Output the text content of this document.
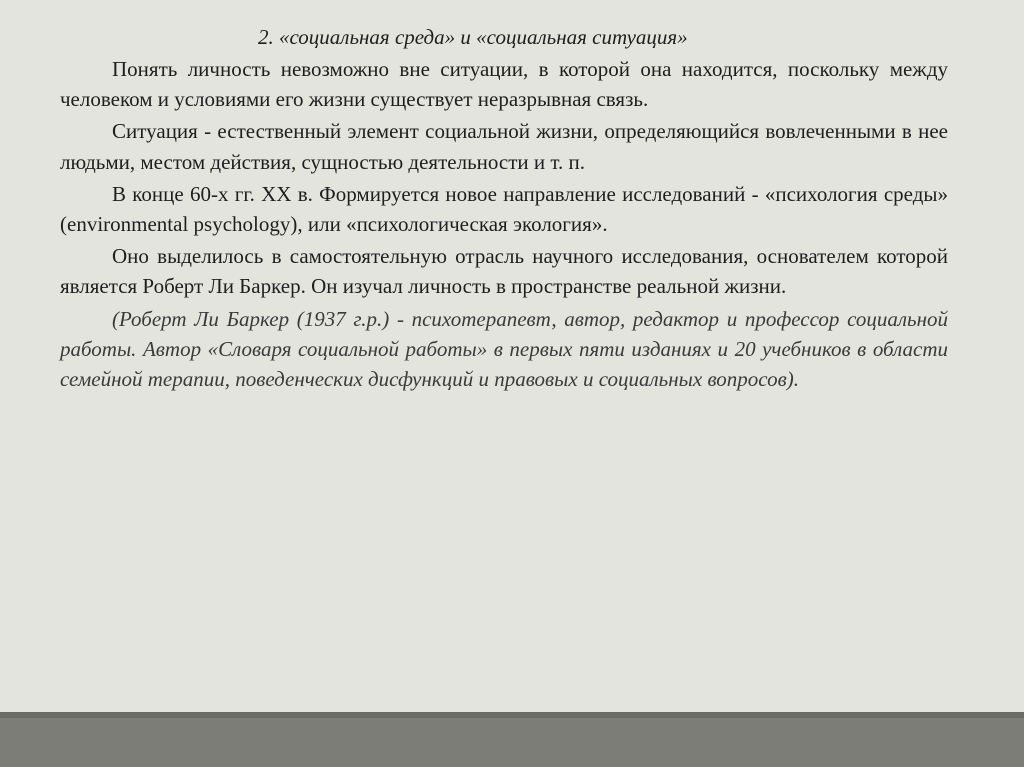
2. «социальная среда» и «социальная ситуация»

Понять личность невозможно вне ситуации, в которой она находится, поскольку между человеком и условиями его жизни существует неразрывная связь.

Ситуация - естественный элемент социальной жизни, определяющийся вовлеченными в нее людьми, местом действия, сущностью деятельности и т. п.

В конце 60-х гг. XX в. Формируется новое направление исследований - «психология среды» (environmental psychology), или «психологическая экология».

Оно выделилось в самостоятельную отрасль научного исследования, основателем которой является Роберт Ли Баркер. Он изучал личность в пространстве реальной жизни.

(Роберт Ли Баркер (1937 г.р.) - психотерапевт, автор, редактор и профессор социальной работы. Автор «Словаря социальной работы» в первых пяти изданиях и 20 учебников в области семейной терапии, поведенческих дисфункций и правовых и социальных вопросов).
